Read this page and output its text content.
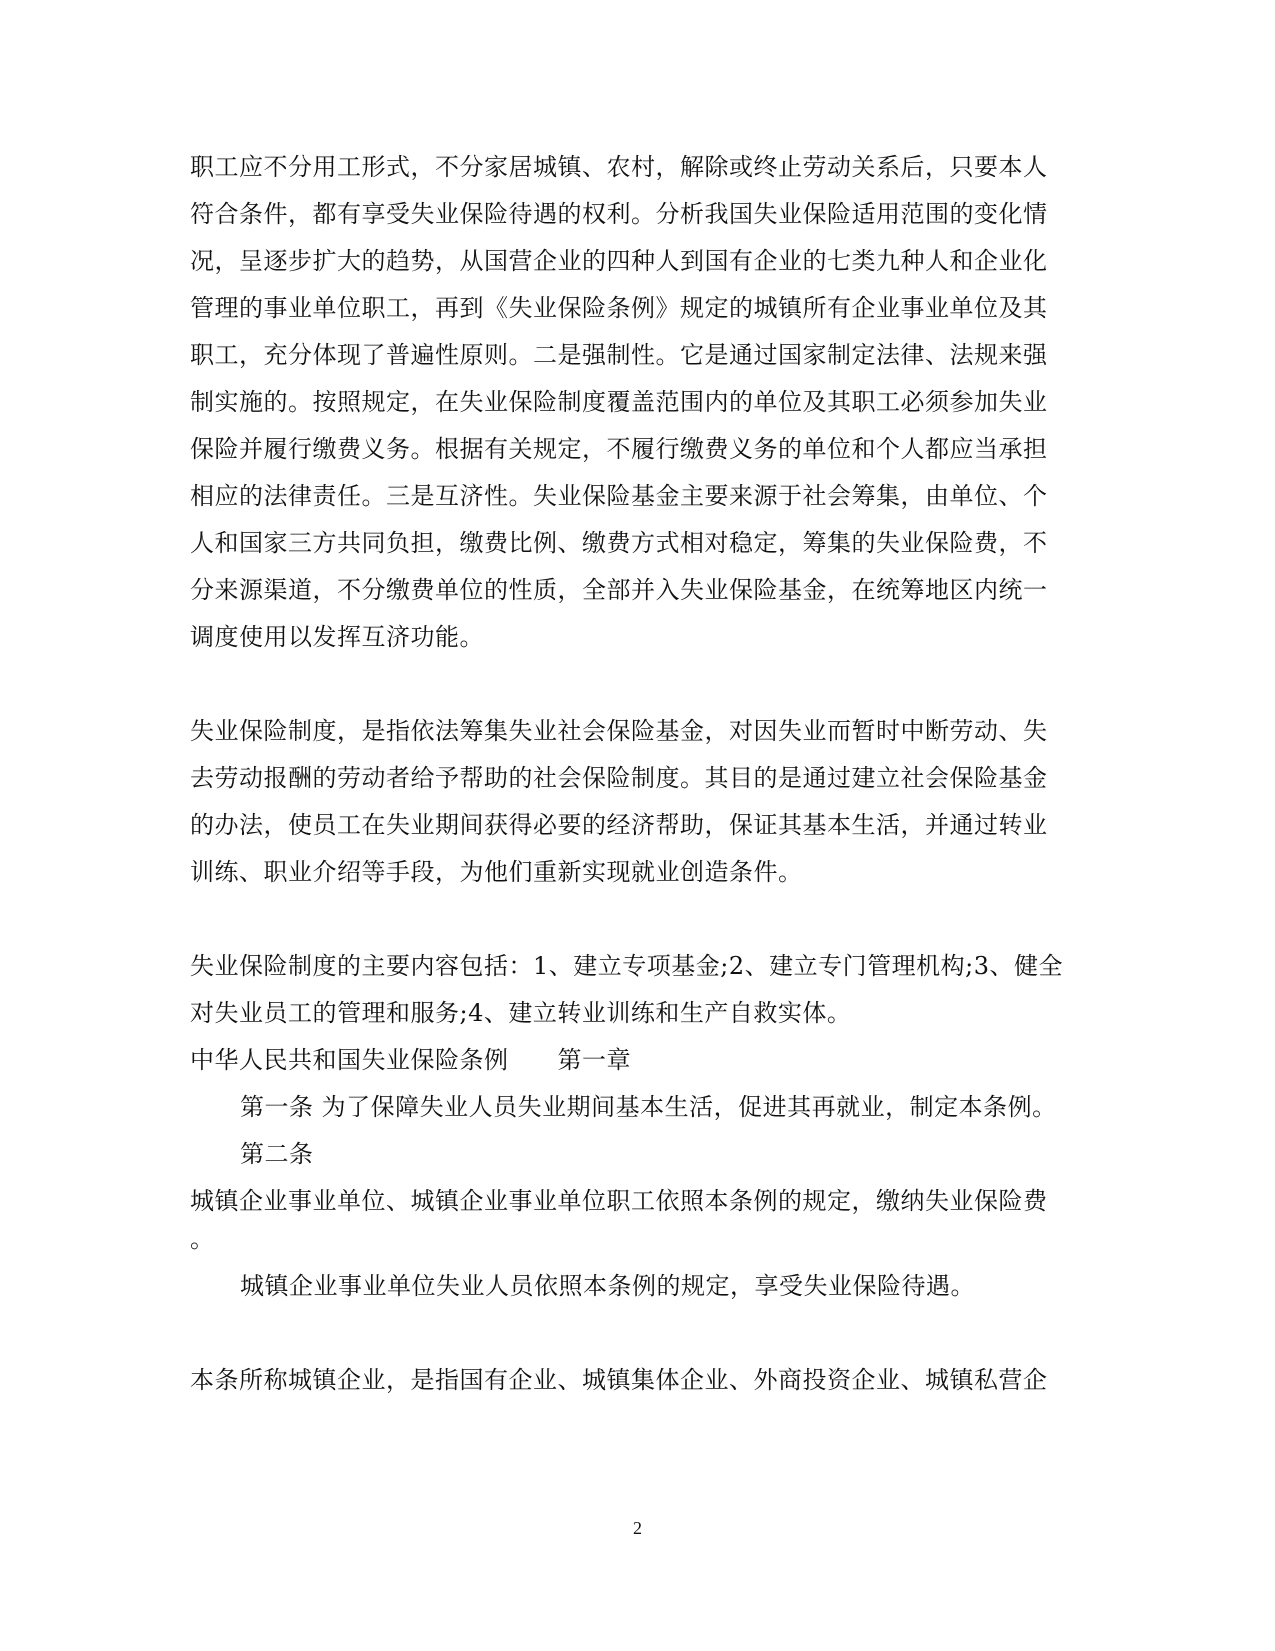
职工应不分用工形式，不分家居城镇、农村，解除或终止劳动关系后，只要本人
符合条件，都有享受失业保险待遇的权利。分析我国失业保险适用范围的变化情
况，呈逐步扩大的趋势，从国营企业的四种人到国有企业的七类九种人和企业化
管理的事业单位职工，再到《失业保险条例》规定的城镇所有企业事业单位及其
职工，充分体现了普遍性原则。二是强制性。它是通过国家制定法律、法规来强
制实施的。按照规定，在失业保险制度覆盖范围内的单位及其职工必须参加失业
保险并履行缴费义务。根据有关规定，不履行缴费义务的单位和个人都应当承担
相应的法律责任。三是互济性。失业保险基金主要来源于社会筹集，由单位、个
人和国家三方共同负担，缴费比例、缴费方式相对稳定，筹集的失业保险费，不
分来源渠道，不分缴费单位的性质，全部并入失业保险基金，在统筹地区内统一
调度使用以发挥互济功能。
失业保险制度，是指依法筹集失业社会保险基金，对因失业而暂时中断劳动、失
去劳动报酬的劳动者给予帮助的社会保险制度。其目的是通过建立社会保险基金
的办法，使员工在失业期间获得必要的经济帮助，保证其基本生活，并通过转业
训练、职业介绍等手段，为他们重新实现就业创造条件。
失业保险制度的主要内容包括：1、建立专项基金;2、建立专门管理机构;3、健全
对失业员工的管理和服务;4、建立转业训练和生产自救实体。
中华人民共和国失业保险条例　　第一章
第一条 为了保障失业人员失业期间基本生活，促进其再就业，制定本条例。
第二条
城镇企业事业单位、城镇企业事业单位职工依照本条例的规定，缴纳失业保险费
。
城镇企业事业单位失业人员依照本条例的规定，享受失业保险待遇。
本条所称城镇企业，是指国有企业、城镇集体企业、外商投资企业、城镇私营企
2
